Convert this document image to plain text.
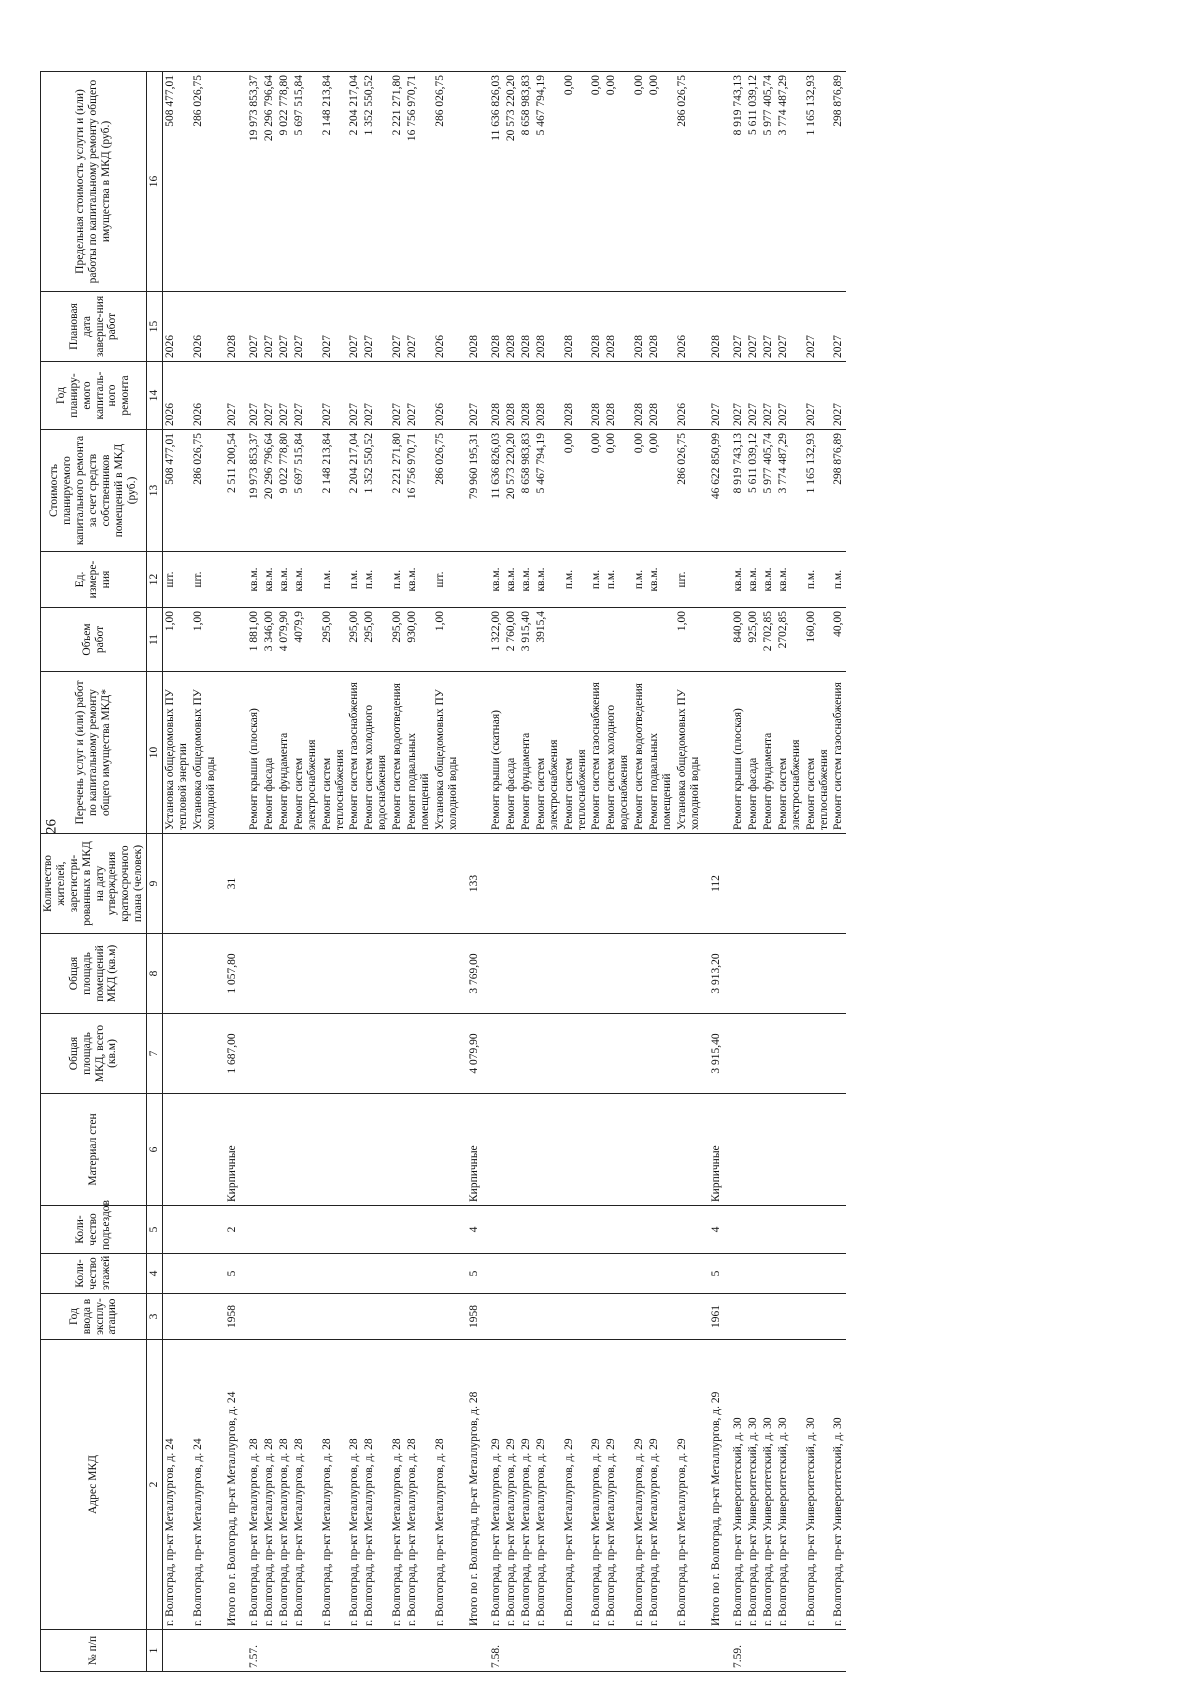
26
№ п/п	Адрес МКД	Год ввода в эксплу-атацию	Коли-чество этажей	Коли-чество подъездов	Материал стен	Общая площадь МКД, всего (кв.м)	Общая площадь помещений МКД (кв.м)	Количество жителей, зарегистри-рованных в МКД на дату утверждения краткосрочного плана (человек)	Перечень услуг и (или) работ по капитальному ремонту общего имущества МКД*	Объем работ	Ед. измере-ния	Стоимость планируемого капитального ремонта за счет средств собственников помещений в МКД (руб.)	Год планиру-емого капиталь-ного ремонта	Плановая дата заверше-ния работ	Предельная стоимость услуги и (или) работы по капитальному ремонту общего имущества в МКД (руб.)
1	2	3	4	5	6	7	8	9	10	11	12	13	14	15	16
	г. Волгоград, пр-кт Металлургов, д. 24								Установка общедомовых ПУ тепловой энергии	1,00	шт.	508 477,01	2026	2026	508 477,01
	г. Волгоград, пр-кт Металлургов, д. 24								Установка общедомовых ПУ холодной воды	1,00	шт.	286 026,75	2026	2026	286 026,75
	Итого по г. Волгоград, пр-кт Металлургов, д. 24	1958	5	2	Кирпичные	1 687,00	1 057,80	31				2 511 200,54	2027	2028	
7.57.	г. Волгоград, пр-кт Металлургов, д. 28								Ремонт крыши (плоская)	1 881,00	кв.м.	19 973 853,37	2027	2027	19 973 853,37
	г. Волгоград, пр-кт Металлургов, д. 28								Ремонт фасада	3 346,00	кв.м.	20 296 796,64	2027	2027	20 296 796,64
	г. Волгоград, пр-кт Металлургов, д. 28								Ремонт фундамента	4 079,90	кв.м.	9 022 778,80	2027	2027	9 022 778,80
	г. Волгоград, пр-кт Металлургов, д. 28								Ремонт систем электроснабжения	4079,9	кв.м.	5 697 515,84	2027	2027	5 697 515,84
	г. Волгоград, пр-кт Металлургов, д. 28								Ремонт систем теплоснабжения	295,00	п.м.	2 148 213,84	2027	2027	2 148 213,84
	г. Волгоград, пр-кт Металлургов, д. 28								Ремонт систем газоснабжения	295,00	п.м.	2 204 217,04	2027	2027	2 204 217,04
	г. Волгоград, пр-кт Металлургов, д. 28								Ремонт систем холодного водоснабжения	295,00	п.м.	1 352 550,52	2027	2027	1 352 550,52
	г. Волгоград, пр-кт Металлургов, д. 28								Ремонт систем водоотведения	295,00	п.м.	2 221 271,80	2027	2027	2 221 271,80
	г. Волгоград, пр-кт Металлургов, д. 28								Ремонт подвальных помещений	930,00	кв.м.	16 756 970,71	2027	2027	16 756 970,71
	г. Волгоград, пр-кт Металлургов, д. 28								Установка общедомовых ПУ холодной воды	1,00	шт.	286 026,75	2026	2026	286 026,75
	Итого по г. Волгоград, пр-кт Металлургов, д. 28	1958	5	4	Кирпичные	4 079,90	3 769,00	133				79 960 195,31	2027	2028	
7.58.	г. Волгоград, пр-кт Металлургов, д. 29								Ремонт крыши (скатная)	1 322,00	кв.м.	11 636 826,03	2028	2028	11 636 826,03
	г. Волгоград, пр-кт Металлургов, д. 29								Ремонт фасада	2 760,00	кв.м.	20 573 220,20	2028	2028	20 573 220,20
	г. Волгоград, пр-кт Металлургов, д. 29								Ремонт фундамента	3 915,40	кв.м.	8 658 983,83	2028	2028	8 658 983,83
	г. Волгоград, пр-кт Металлургов, д. 29								Ремонт систем электроснабжения	3915,4	кв.м.	5 467 794,19	2028	2028	5 467 794,19
	г. Волгоград, пр-кт Металлургов, д. 29								Ремонт систем теплоснабжения		п.м.	0,00	2028	2028	0,00
	г. Волгоград, пр-кт Металлургов, д. 29								Ремонт систем газоснабжения		п.м.	0,00	2028	2028	0,00
	г. Волгоград, пр-кт Металлургов, д. 29								Ремонт систем холодного водоснабжения		п.м.	0,00	2028	2028	0,00
	г. Волгоград, пр-кт Металлургов, д. 29								Ремонт систем водоотведения		п.м.	0,00	2028	2028	0,00
	г. Волгоград, пр-кт Металлургов, д. 29								Ремонт подвальных помещений		кв.м.	0,00	2028	2028	0,00
	г. Волгоград, пр-кт Металлургов, д. 29								Установка общедомовых ПУ холодной воды	1,00	шт.	286 026,75	2026	2026	286 026,75
	Итого по г. Волгоград, пр-кт Металлургов, д. 29	1961	5	4	Кирпичные	3 915,40	3 913,20	112				46 622 850,99	2027	2028	
7.59.	г. Волгоград, пр-кт Университетский, д. 30								Ремонт крыши (плоская)	840,00	кв.м.	8 919 743,13	2027	2027	8 919 743,13
	г. Волгоград, пр-кт Университетский, д. 30								Ремонт фасада	925,00	кв.м.	5 611 039,12	2027	2027	5 611 039,12
	г. Волгоград, пр-кт Университетский, д. 30								Ремонт фундамента	2 702,85	кв.м.	5 977 405,74	2027	2027	5 977 405,74
	г. Волгоград, пр-кт Университетский, д. 30								Ремонт систем электроснабжения	2702,85	кв.м.	3 774 487,29	2027	2027	3 774 487,29
	г. Волгоград, пр-кт Университетский, д. 30								Ремонт систем теплоснабжения	160,00	п.м.	1 165 132,93	2027	2027	1 165 132,93
	г. Волгоград, пр-кт Университетский, д. 30								Ремонт систем газоснабжения	40,00	п.м.	298 876,89	2027	2027	298 876,89
